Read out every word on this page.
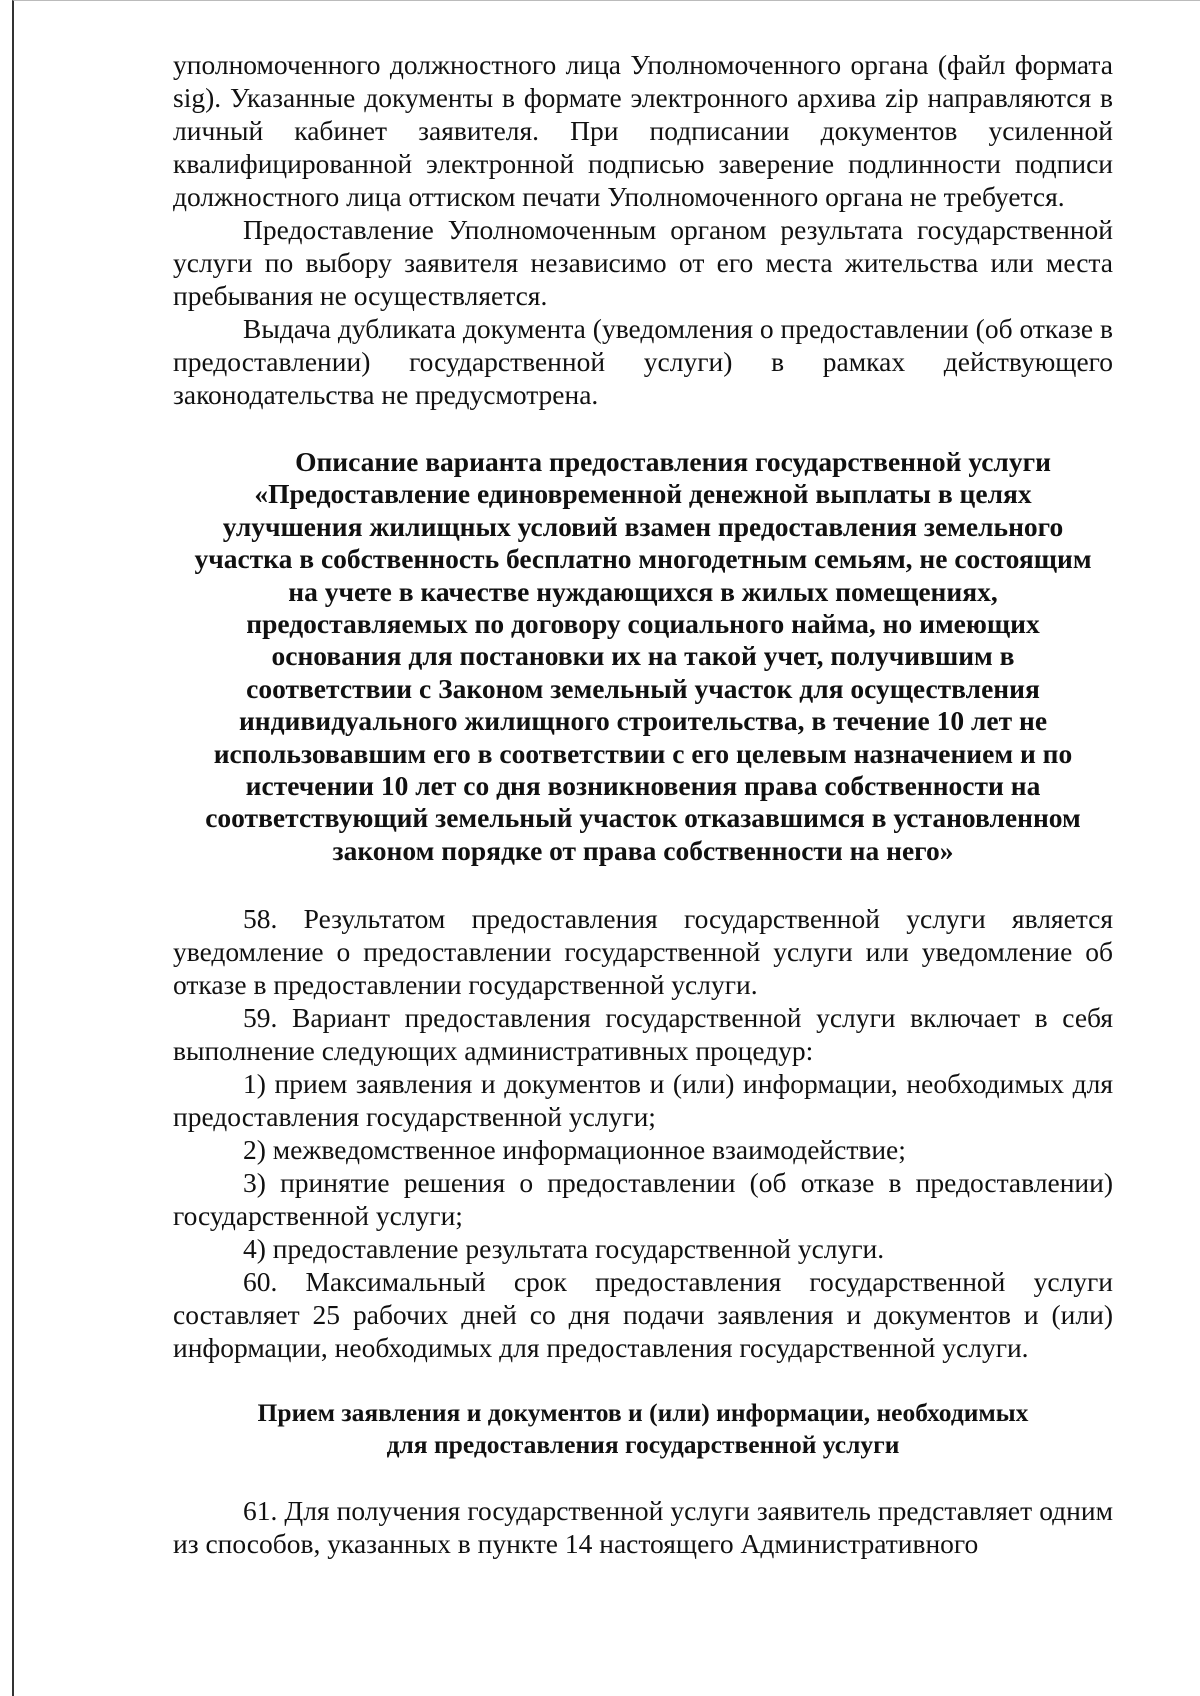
уполномоченного должностного лица Уполномоченного органа (файл формата sig). Указанные документы в формате электронного архива zip направляются в личный кабинет заявителя. При подписании документов усиленной квалифицированной электронной подписью заверение подлинности подписи должностного лица оттиском печати Уполномоченного органа не требуется.

Предоставление Уполномоченным органом результата государственной услуги по выбору заявителя независимо от его места жительства или места пребывания не осуществляется.

Выдача дубликата документа (уведомления о предоставлении (об отказе в предоставлении) государственной услуги) в рамках действующего законодательства не предусмотрена.

Описание варианта предоставления государственной услуги
«Предоставление единовременной денежной выплаты в целях
улучшения жилищных условий взамен предоставления земельного
участка в собственность бесплатно многодетным семьям, не состоящим
на учете в качестве нуждающихся в жилых помещениях,
предоставляемых по договору социального найма, но имеющих
основания для постановки их на такой учет, получившим в
соответствии с Законом земельный участок для осуществления
индивидуального жилищного строительства, в течение 10 лет не
использовавшим его в соответствии с его целевым назначением и по
истечении 10 лет со дня возникновения права собственности на
соответствующий земельный участок отказавшимся в установленном
законом порядке от права собственности на него»

58. Результатом предоставления государственной услуги является уведомление о предоставлении государственной услуги или уведомление об отказе в предоставлении государственной услуги.

59. Вариант предоставления государственной услуги включает в себя выполнение следующих административных процедур:

1) прием заявления и документов и (или) информации, необходимых для предоставления государственной услуги;

2) межведомственное информационное взаимодействие;

3) принятие решения о предоставлении (об отказе в предоставлении) государственной услуги;

4) предоставление результата государственной услуги.

60. Максимальный срок предоставления государственной услуги составляет 25 рабочих дней со дня подачи заявления и документов и (или) информации, необходимых для предоставления государственной услуги.

Прием заявления и документов и (или) информации, необходимых
для предоставления государственной услуги

61. Для получения государственной услуги заявитель представляет одним из способов, указанных в пункте 14 настоящего Административного
